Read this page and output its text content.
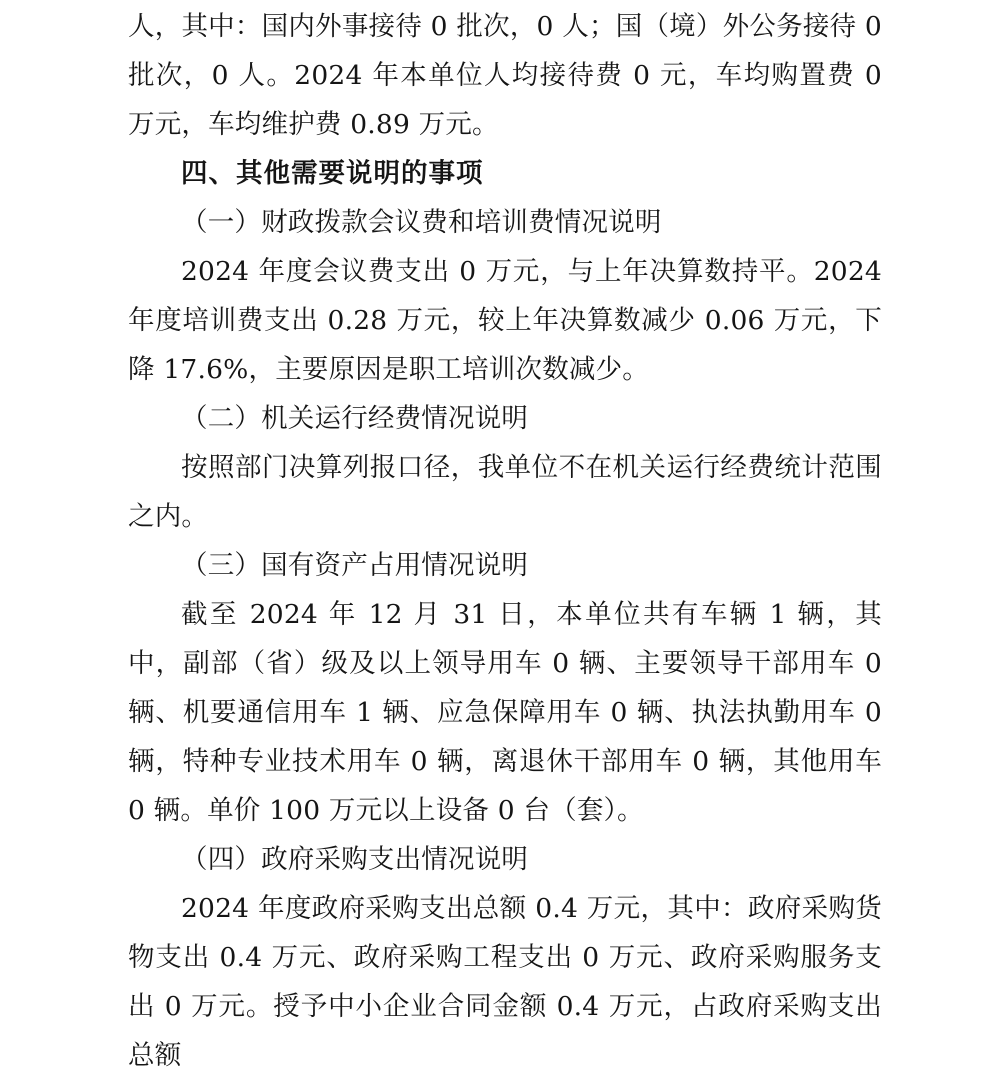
人，其中：国内外事接待 0 批次，0 人；国（境）外公务接待 0 批次，0 人。2024 年本单位人均接待费 0 元，车均购置费 0 万元，车均维护费 0.89 万元。

四、其他需要说明的事项

（一）财政拨款会议费和培训费情况说明

2024 年度会议费支出 0 万元，与上年决算数持平。2024 年度培训费支出 0.28 万元，较上年决算数减少 0.06 万元，下降 17.6%，主要原因是职工培训次数减少。

（二）机关运行经费情况说明

按照部门决算列报口径，我单位不在机关运行经费统计范围之内。

（三）国有资产占用情况说明

截至 2024 年 12 月 31 日，本单位共有车辆 1 辆，其中，副部（省）级及以上领导用车 0 辆、主要领导干部用车 0 辆、机要通信用车 1 辆、应急保障用车 0 辆、执法执勤用车 0 辆，特种专业技术用车 0 辆，离退休干部用车 0 辆，其他用车 0 辆。单价 100 万元以上设备 0 台（套）。

（四）政府采购支出情况说明

2024 年度政府采购支出总额 0.4 万元，其中：政府采购货物支出 0.4 万元、政府采购工程支出 0 万元、政府采购服务支出 0 万元。授予中小企业合同金额 0.4 万元，占政府采购支出总额
